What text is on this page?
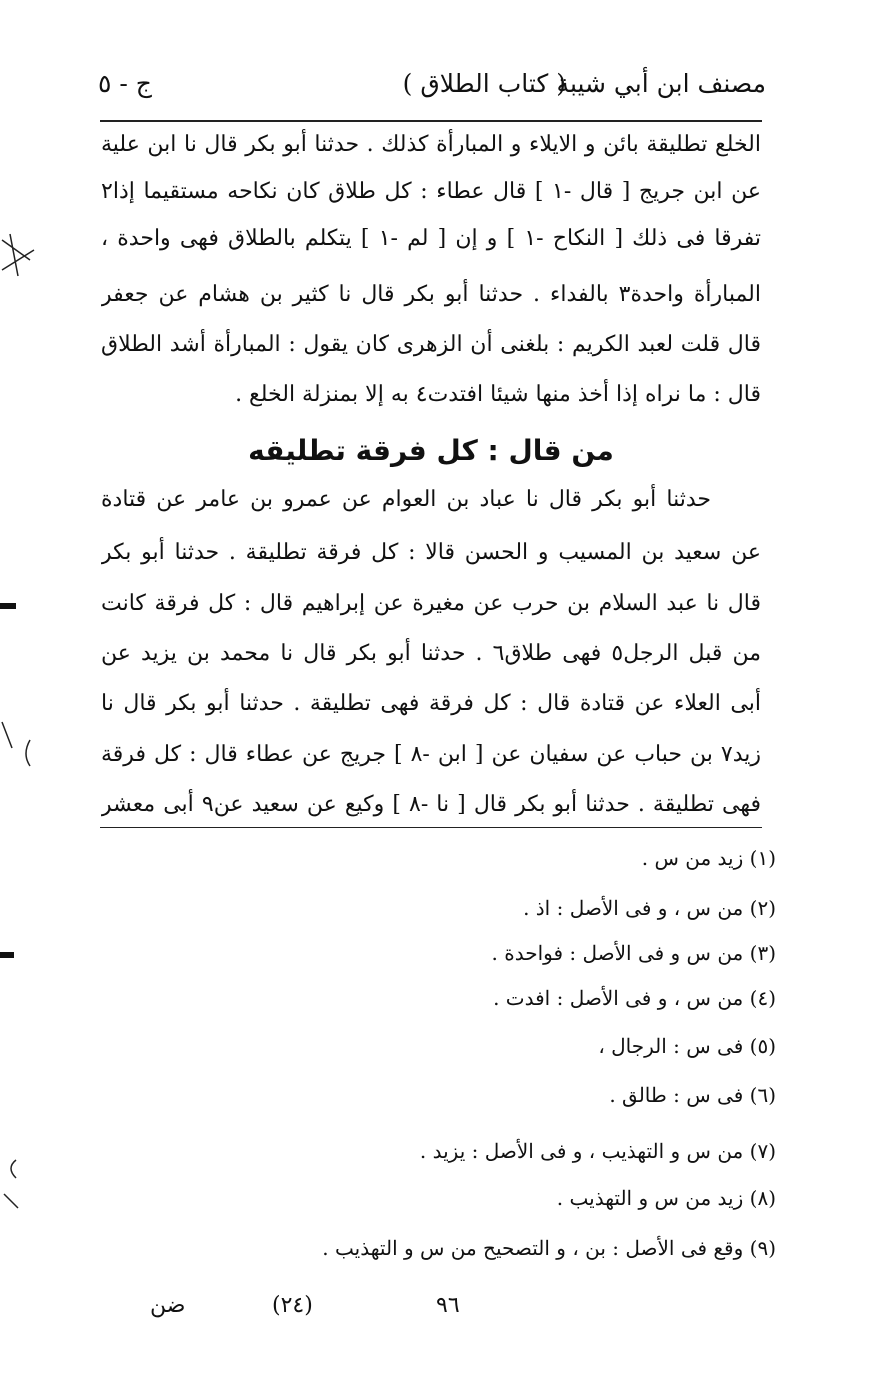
مصنف ابن أبي شيبة
( كتاب الطلاق )
ج - ٥
الخلع تطليقة بائن و الايلاء و المبارأة كذلك . حدثنا أبو بكر قال نا ابن علية
عن ابن جريج [ قال -١ ] قال عطاء : كل طلاق كان نكاحه مستقيما إذا٢
تفرقا فى ذلك [ النكاح -١ ] و إن [ لم -١ ] يتكلم بالطلاق فهى واحدة ،
المبارأة واحدة٣ بالفداء . حدثنا أبو بكر قال نا كثير بن هشام عن جعفر
قال قلت لعبد الكريم : بلغنى أن الزهرى كان يقول : المبارأة أشد الطلاق
قال : ما نراه إذا أخذ منها شيئا افتدت٤ به إلا بمنزلة الخلع .
من قال : كل فرقة تطليقه
حدثنا أبو بكر قال نا عباد بن العوام عن عمرو بن عامر عن قتادة
عن سعيد بن المسيب و الحسن قالا : كل فرقة تطليقة . حدثنا أبو بكر
قال نا عبد السلام بن حرب عن مغيرة عن إبراهيم قال : كل فرقة كانت
من قبل الرجل٥ فهى طلاق٦ . حدثنا أبو بكر قال نا محمد بن يزيد عن
أبى العلاء عن قتادة قال : كل فرقة فهى تطليقة . حدثنا أبو بكر قال نا
زيد٧ بن حباب عن سفيان عن [ ابن -٨ ] جريج عن عطاء قال : كل فرقة
فهى تطليقة . حدثنا أبو بكر قال [ نا -٨ ] وكيع عن سعيد عن٩ أبى معشر
(١) زيد من س .
(٢) من س ، و فى الأصل : اذ .
(٣) من س و فى الأصل : فواحدة .
(٤) من س ، و فى الأصل : افدت .
(٥) فى س : الرجال ،
(٦) فى س : طالق .
(٧) من س و التهذيب ، و فى الأصل : يزيد .
(٨) زيد من س و التهذيب .
(٩) وقع فى الأصل : بن ، و التصحيح من س و التهذيب .
(٢٤)	٩٦
ضن
